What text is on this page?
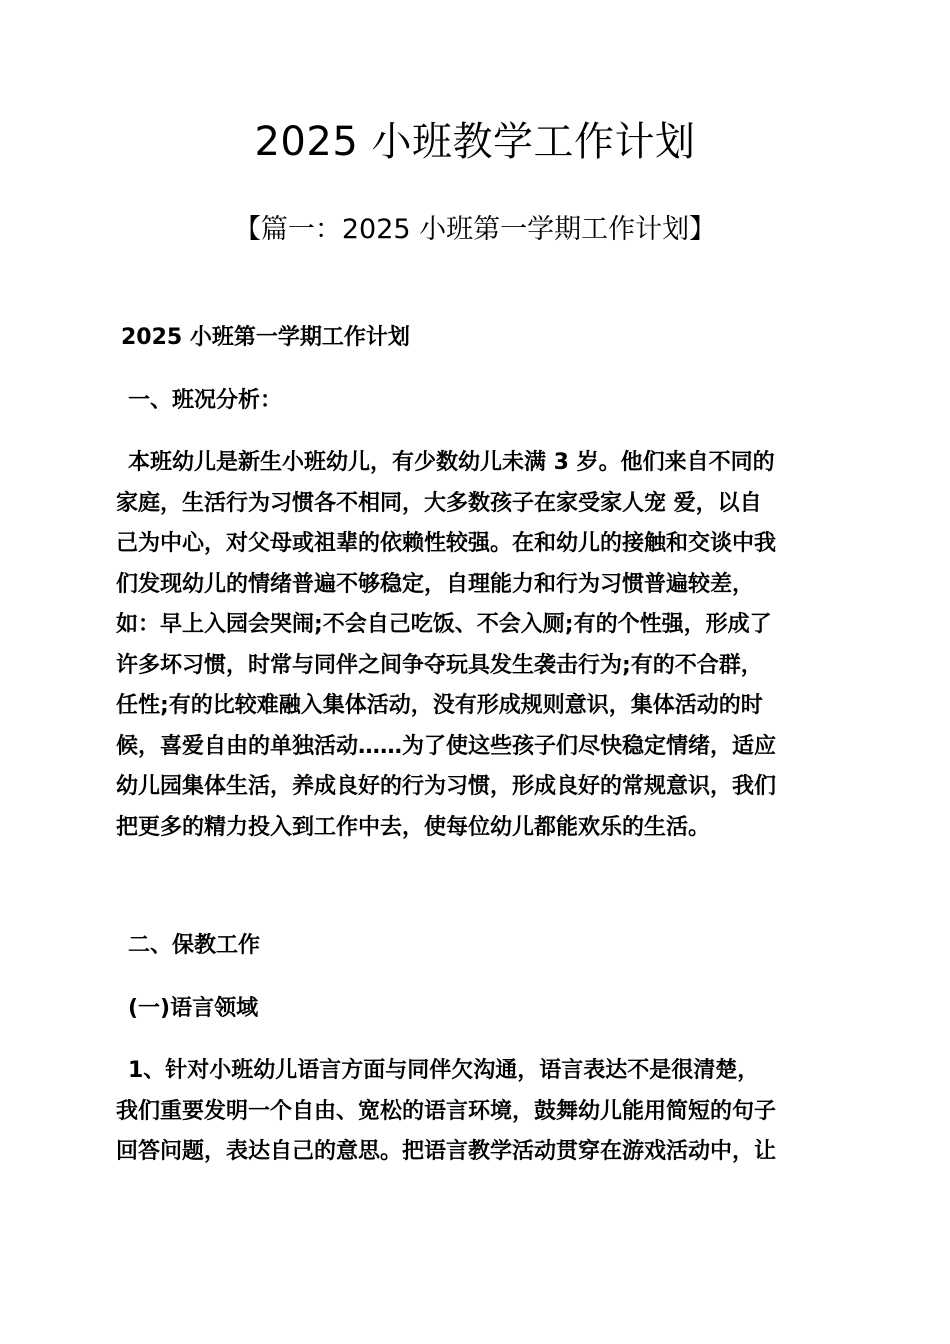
2025 小班教学工作计划
【篇一：2025 小班第一学期工作计划】
2025 小班第一学期工作计划
一、班况分析：

本班幼儿是新生小班幼儿，有少数幼儿未满 3 岁。他们来自不同的

家庭，生活行为习惯各不相同，大多数孩子在家受家人宠 爱，以自

己为中心，对父母或祖辈的依赖性较强。在和幼儿的接触和交谈中我

们发现幼儿的情绪普遍不够稳定，自理能力和行为习惯普遍较差，

如：早上入园会哭闹;不会自己吃饭、不会入厕;有的个性强，形成了

许多坏习惯，时常与同伴之间争夺玩具发生袭击行为;有的不合群，

任性;有的比较难融入集体活动，没有形成规则意识，集体活动的时

候，喜爱自由的单独活动……为了使这些孩子们尽快稳定情绪，适应

幼儿园集体生活，养成良好的行为习惯，形成良好的常规意识，我们

把更多的精力投入到工作中去，使每位幼儿都能欢乐的生活。

二、保教工作
(一)语言领域

1、针对小班幼儿语言方面与同伴欠沟通，语言表达不是很清楚，

我们重要发明一个自由、宽松的语言环境，鼓舞幼儿能用简短的句子

回答问题，表达自己的意思。把语言教学活动贯穿在游戏活动中，让
